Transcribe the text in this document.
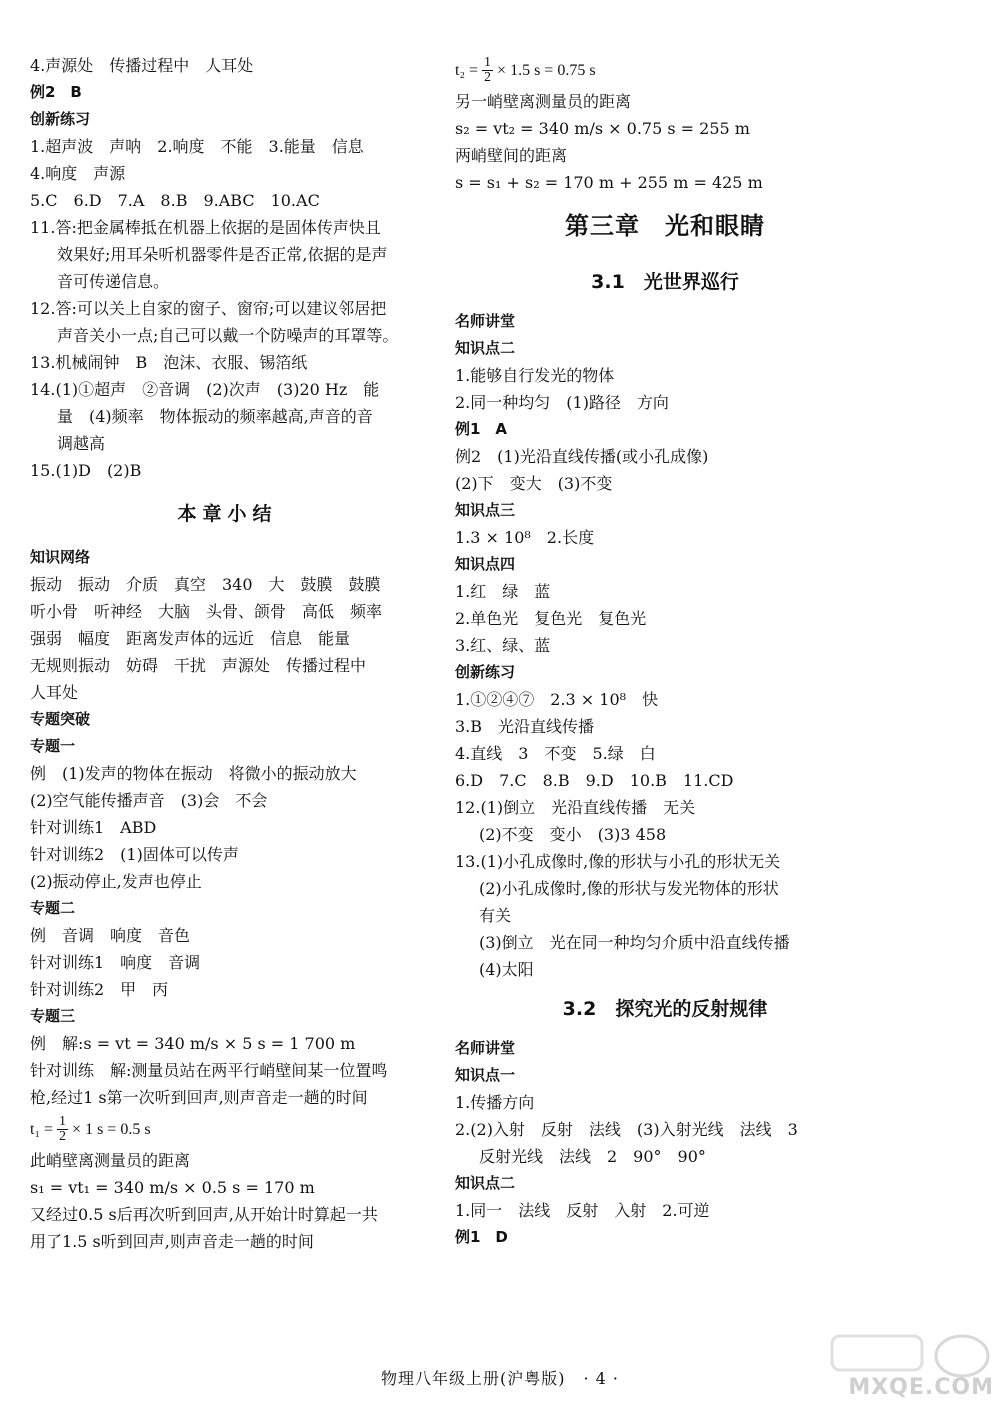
4.声源处　传播过程中　人耳处
例2　B
创新练习
1.超声波　声呐　2.响度　不能　3.能量　信息
4.响度　声源
5.C　6.D　7.A　8.B　9.ABC　10.AC
11.答:把金属棒抵在机器上依据的是固体传声快且
效果好;用耳朵听机器零件是否正常,依据的是声
音可传递信息。
12.答:可以关上自家的窗子、窗帘;可以建议邻居把
声音关小一点;自己可以戴一个防噪声的耳罩等。
13.机械闹钟　B　泡沫、衣服、锡箔纸
14.(1)①超声　②音调　(2)次声　(3)20 Hz　能
量　(4)频率　物体振动的频率越高,声音的音
调越高
15.(1)D　(2)B
本章小结
知识网络
振动　振动　介质　真空　340　大　鼓膜　鼓膜
听小骨　听神经　大脑　头骨、颌骨　高低　频率
强弱　幅度　距离发声体的远近　信息　能量
无规则振动　妨碍　干扰　声源处　传播过程中
人耳处
专题突破
专题一
例　(1)发声的物体在振动　将微小的振动放大
(2)空气能传播声音　(3)会　不会
针对训练1　ABD
针对训练2　(1)固体可以传声
(2)振动停止,发声也停止
专题二
例　音调　响度　音色
针对训练1　响度　音调
针对训练2　甲　丙
专题三
例　解:s = vt = 340 m/s × 5 s = 1 700 m
针对训练　解:测量员站在两平行峭壁间某一位置鸣
枪,经过1 s第一次听到回声,则声音走一趟的时间
$t_1 = \frac{1}{2} \times 1$ s = 0.5 s
此峭壁离测量员的距离
s₁ = vt₁ = 340 m/s × 0.5 s = 170 m
又经过0.5 s后再次听到回声,从开始计时算起一共
用了1.5 s听到回声,则声音走一趟的时间
$t_2 = \frac{1}{2} \times 1.5$ s = 0.75 s
另一峭壁离测量员的距离
s₂ = vt₂ = 340 m/s × 0.75 s = 255 m
两峭壁间的距离
s = s₁ + s₂ = 170 m + 255 m = 425 m
第三章　光和眼睛
3.1　光世界巡行
名师讲堂
知识点二
1.能够自行发光的物体
2.同一种均匀　(1)路径　方向
例1　A
例2　(1)光沿直线传播(或小孔成像)
(2)下　变大　(3)不变
知识点三
1.3 × 10⁸　2.长度
知识点四
1.红　绿　蓝
2.单色光　复色光　复色光
3.红、绿、蓝
创新练习
1.①②④⑦　2.3 × 10⁸　快
3.B　光沿直线传播
4.直线　3　不变　5.绿　白
6.D　7.C　8.B　9.D　10.B　11.CD
12.(1)倒立　光沿直线传播　无关
(2)不变　变小　(3)3 458
13.(1)小孔成像时,像的形状与小孔的形状无关
(2)小孔成像时,像的形状与发光物体的形状
有关
(3)倒立　光在同一种均匀介质中沿直线传播
(4)太阳
3.2　探究光的反射规律
名师讲堂
知识点一
1.传播方向
2.(2)入射　反射　法线　(3)入射光线　法线　3
反射光线　法线　2　90°　90°
知识点二
1.同一　法线　反射　入射　2.可逆
例1　D
物理八年级上册(沪粤版) · 4 ·	MXQE.COM
